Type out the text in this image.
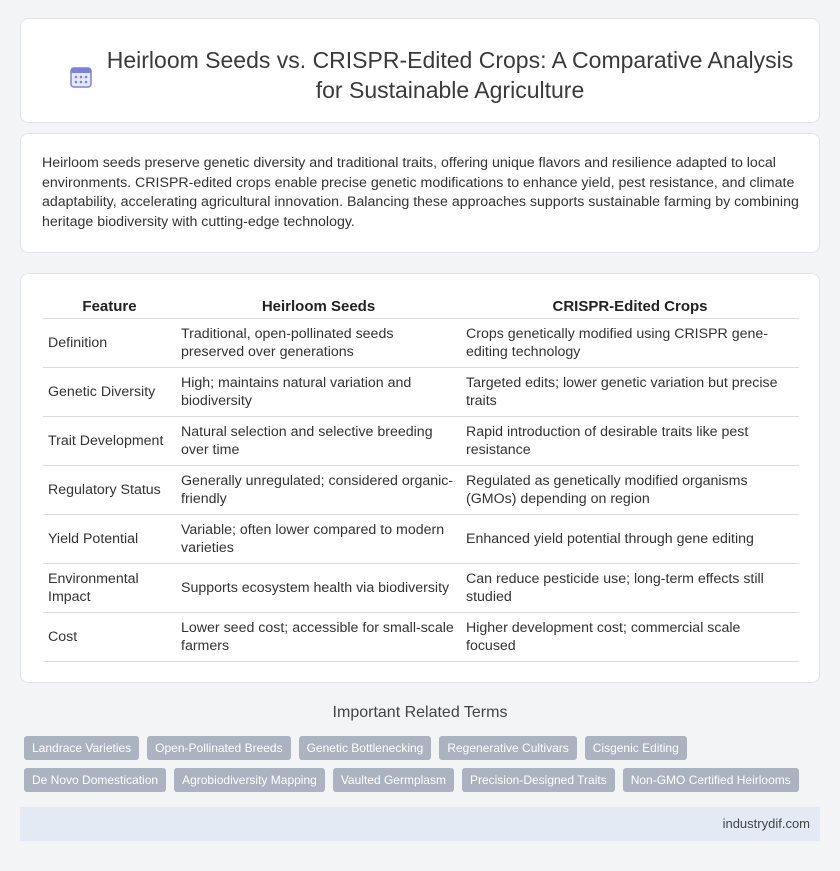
Heirloom Seeds vs. CRISPR-Edited Crops: A Comparative Analysis for Sustainable Agriculture

Heirloom seeds preserve genetic diversity and traditional traits, offering unique flavors and resilience adapted to local environments. CRISPR-edited crops enable precise genetic modifications to enhance yield, pest resistance, and climate adaptability, accelerating agricultural innovation. Balancing these approaches supports sustainable farming by combining heritage biodiversity with cutting-edge technology.

Feature	Heirloom Seeds	CRISPR-Edited Crops
Definition	Traditional, open-pollinated seeds preserved over generations	Crops genetically modified using CRISPR gene-editing technology
Genetic Diversity	High; maintains natural variation and biodiversity	Targeted edits; lower genetic variation but precise traits
Trait Development	Natural selection and selective breeding over time	Rapid introduction of desirable traits like pest resistance
Regulatory Status	Generally unregulated; considered organic-friendly	Regulated as genetically modified organisms (GMOs) depending on region
Yield Potential	Variable; often lower compared to modern varieties	Enhanced yield potential through gene editing
Environmental Impact	Supports ecosystem health via biodiversity	Can reduce pesticide use; long-term effects still studied
Cost	Lower seed cost; accessible for small-scale farmers	Higher development cost; commercial scale focused
Important Related Terms
Landrace Varieties	Open-Pollinated Breeds	Genetic Bottlenecking	Regenerative Cultivars	Cisgenic Editing
De Novo Domestication	Agrobiodiversity Mapping	Vaulted Germplasm	Precision-Designed Traits	Non-GMO Certified Heirlooms
industrydif.com
